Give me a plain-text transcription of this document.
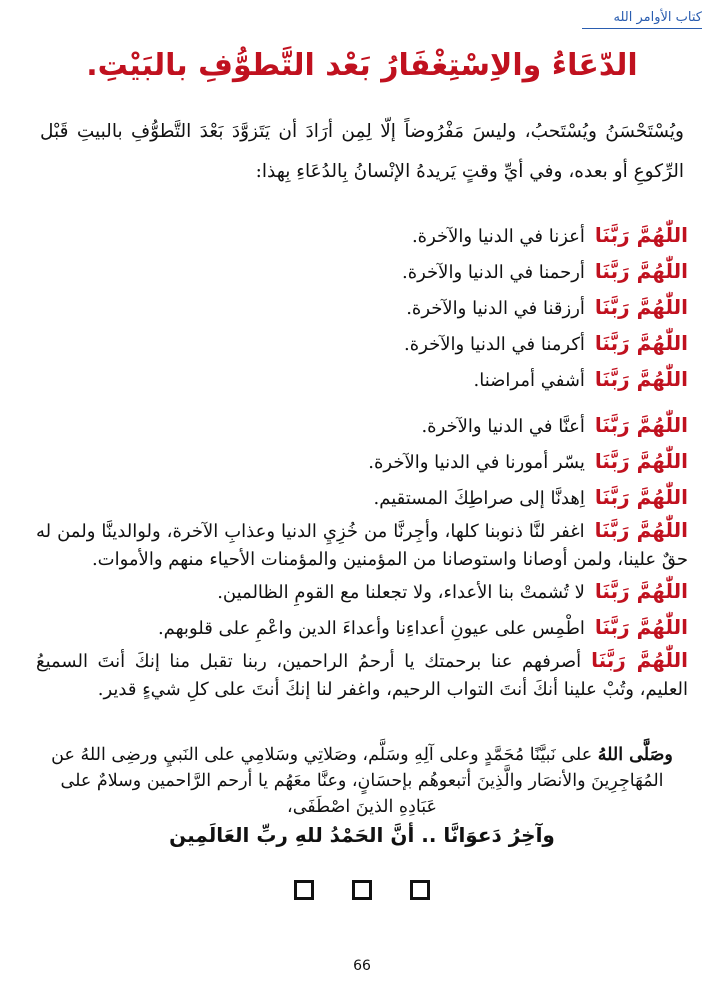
كتاب الأوامر الله
الدّعَاءُ والاِسْتِغْفَارُ بَعْد التَّطوُّفِ بالبَيْتِ.

ويُسْتَحْسَنُ ويُسْتَحبُ، وليسَ مَفْرُوضاً إلّا لِمِن أرَادَ أن يَتَزوَّدَ بَعْدَ التَّطوُّفِ بالبيتِ قَبْل الرِّكوعِ أو بعده، وفي أيِّ وقتٍ يَريدهُ الإنْسانُ بِالدُعَاءِ بِهذا:

اللّٰهُمَّ رَبَّنَاأعزنا في الدنيا والآخرة.
اللّٰهُمَّ رَبَّنَاأرحمنا في الدنيا والآخرة.
اللّٰهُمَّ رَبَّنَاأرزقنا في الدنيا والآخرة.
اللّٰهُمَّ رَبَّنَاأكرمنا في الدنيا والآخرة.
اللّٰهُمَّ رَبَّنَاأشفي أمراضنا.
اللّٰهُمَّ رَبَّنَاأعنَّا في الدنيا والآخرة.
اللّٰهُمَّ رَبَّنَايسّر أمورنا في الدنيا والآخرة.
اللّٰهُمَّ رَبَّنَااِهدنَّا إلى صراطِكَ المستقيم.
اللّٰهُمَّ رَبَّنَااغفر لنَّا ذنوبنا كلها، وأجِرنَّا من خُزِيِ الدنيا وعذابِ الآخرة، ولوالدينَّا ولمن له حقٌ علينا، ولمن أوصانا واستوصانا من المؤمنين والمؤمنات الأحياء منهم والأموات.
اللّٰهُمَّ رَبَّنَالا تُشمتْ بنا الأعداء، ولا تجعلنا مع القومِ الظالمين.
اللّٰهُمَّ رَبَّنَااطْمِس على عيونِ أعداءِنا وأعداءَ الدين واعْمِ على قلوبهم.
اللّٰهُمَّ رَبَّنَاأصرفهم عنا برحمتك يا أرحمُ الراحمين، ربنا تقبل منا إنكَ أنتَ السميعُ العليم، وتُبْ علينا أنكَ أنتَ التواب الرحيم، واغفر لنا إنكَ أنتَ على كلِ شيءٍ قدير.
وصَلَّى اللهُ على نَبيَّنًا مُحَمَّدٍ وعلى آلِهِ وسَلَّم، وصَلاتِي وسَلامِي على النَبيِ ورضِى اللهُ عن المُهَاجِرِينَ والأنصَار والَّذِينَ أتبعوهُم بإحسَانٍ، وعنَّا معَهُم يا أرحم الرَّاحمين وسلامٌ على عَبَادِهِ الذينَ اصْطَفَى،
وآخِرُ دَعوَانَّا .. أنَّ الحَمْدُ للهِ ربِّ العَالَمِين
66
